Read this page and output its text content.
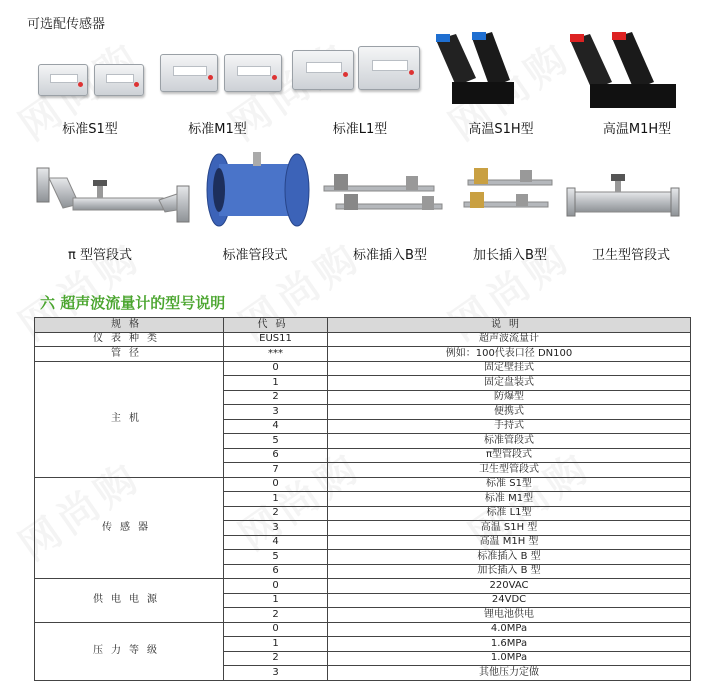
可选配传感器
标准S1型	标准M1型	标准L1型	高温S1H型	高温M1H型
π 型管段式	标准管段式	标准插入B型	加长插入B型	卫生型管段式
六 超声波流量计的型号说明
规格	代码	说明
仪表种类	EUS11	超声波流量计
管径	***	例如：100代表口径 DN100
主机	0	固定壁挂式
	1	固定盘装式
	2	防爆型
	3	便携式
	4	手持式
	5	标准管段式
	6	π型管段式
	7	卫生型管段式
传感器	0	标准 S1型
	1	标准 M1型
	2	标准 L1型
	3	高温 S1H 型
	4	高温 M1H 型
	5	标准插入 B 型
	6	加长插入 B 型
供电电源	0	220VAC
	1	24VDC
	2	锂电池供电
压力等级	0	4.0MPa
	1	1.6MPa
	2	1.0MPa
	3	其他压力定做
